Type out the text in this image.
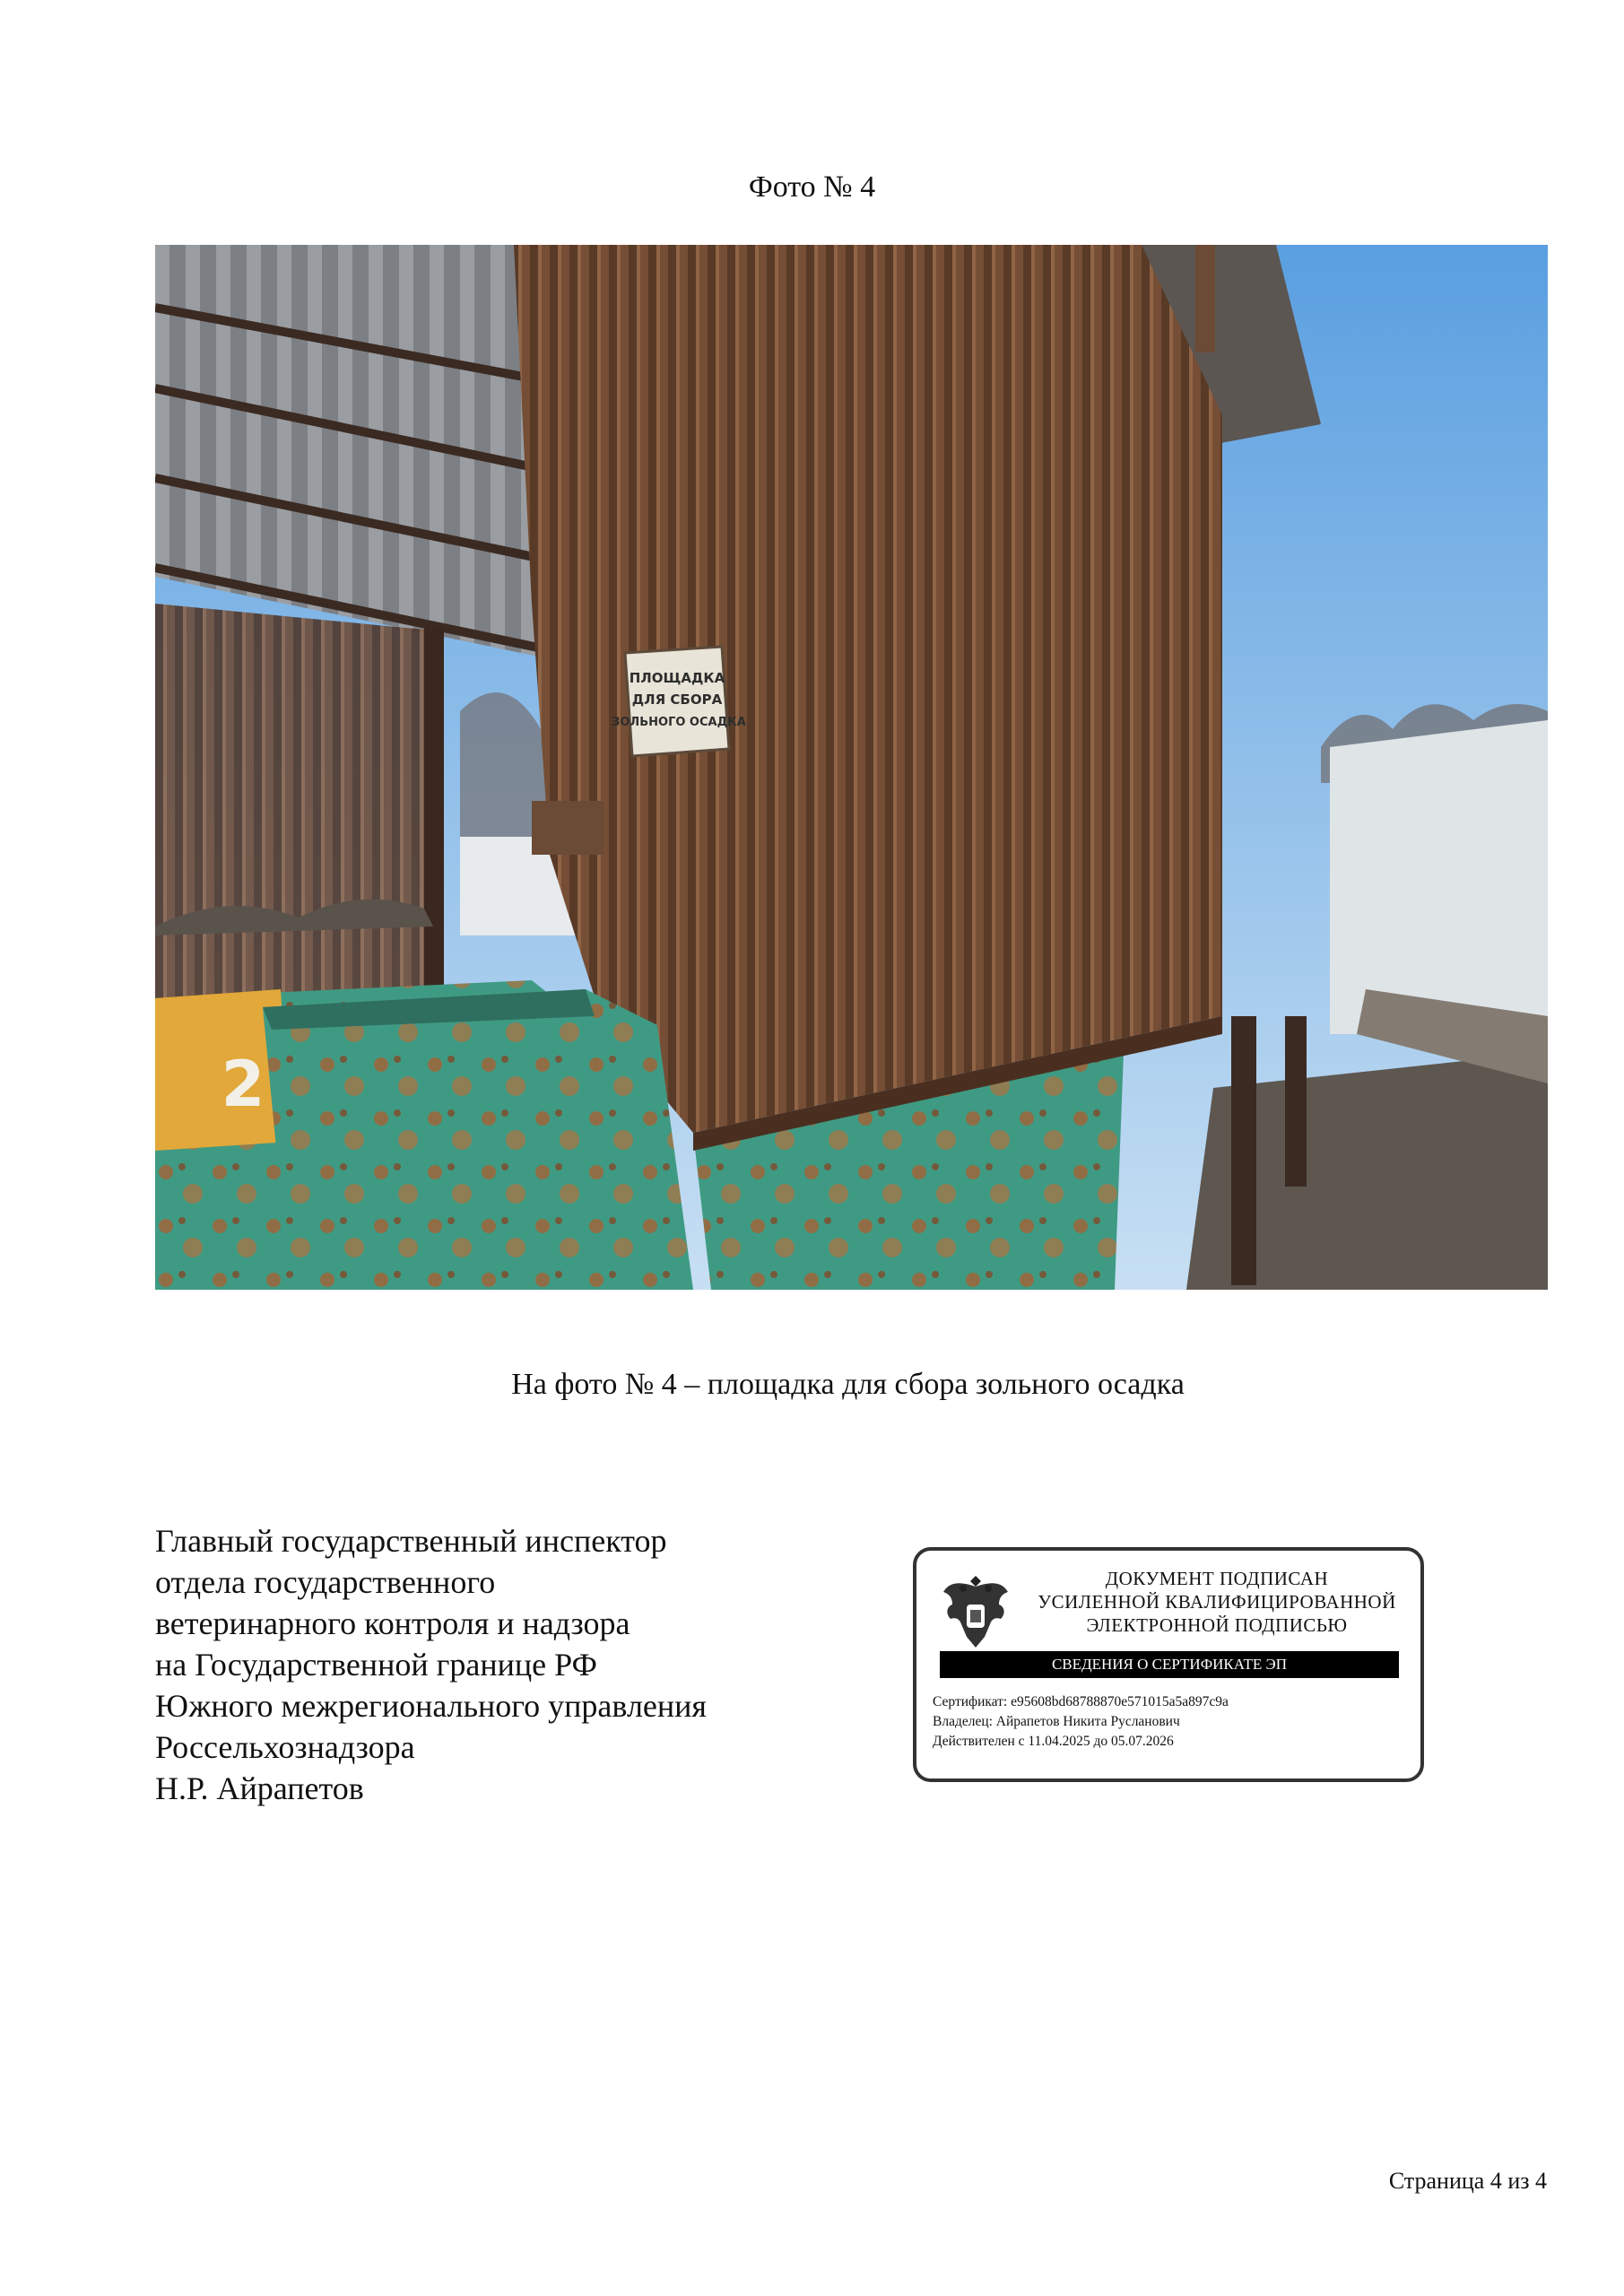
Фото № 4
ПЛОЩАДКА
ДЛЯ СБОРА
ЗОЛЬНОГО ОСАДКА
2
На фото № 4 – площадка для сбора зольного осадка
Главный государственный инспектор
отдела государственного
ветеринарного контроля и надзора
на Государственной границе РФ
Южного межрегионального управления
Россельхознадзора
Н.Р. Айрапетов
ДОКУМЕНТ ПОДПИСАН
УСИЛЕННОЙ КВАЛИФИЦИРОВАННОЙ
ЭЛЕКТРОННОЙ ПОДПИСЬЮ
СВЕДЕНИЯ О СЕРТИФИКАТЕ ЭП
Сертификат: e95608bd68788870e571015a5a897c9a
Владелец: Айрапетов Никита Русланович
Действителен с 11.04.2025 до 05.07.2026
Страница 4 из 4
